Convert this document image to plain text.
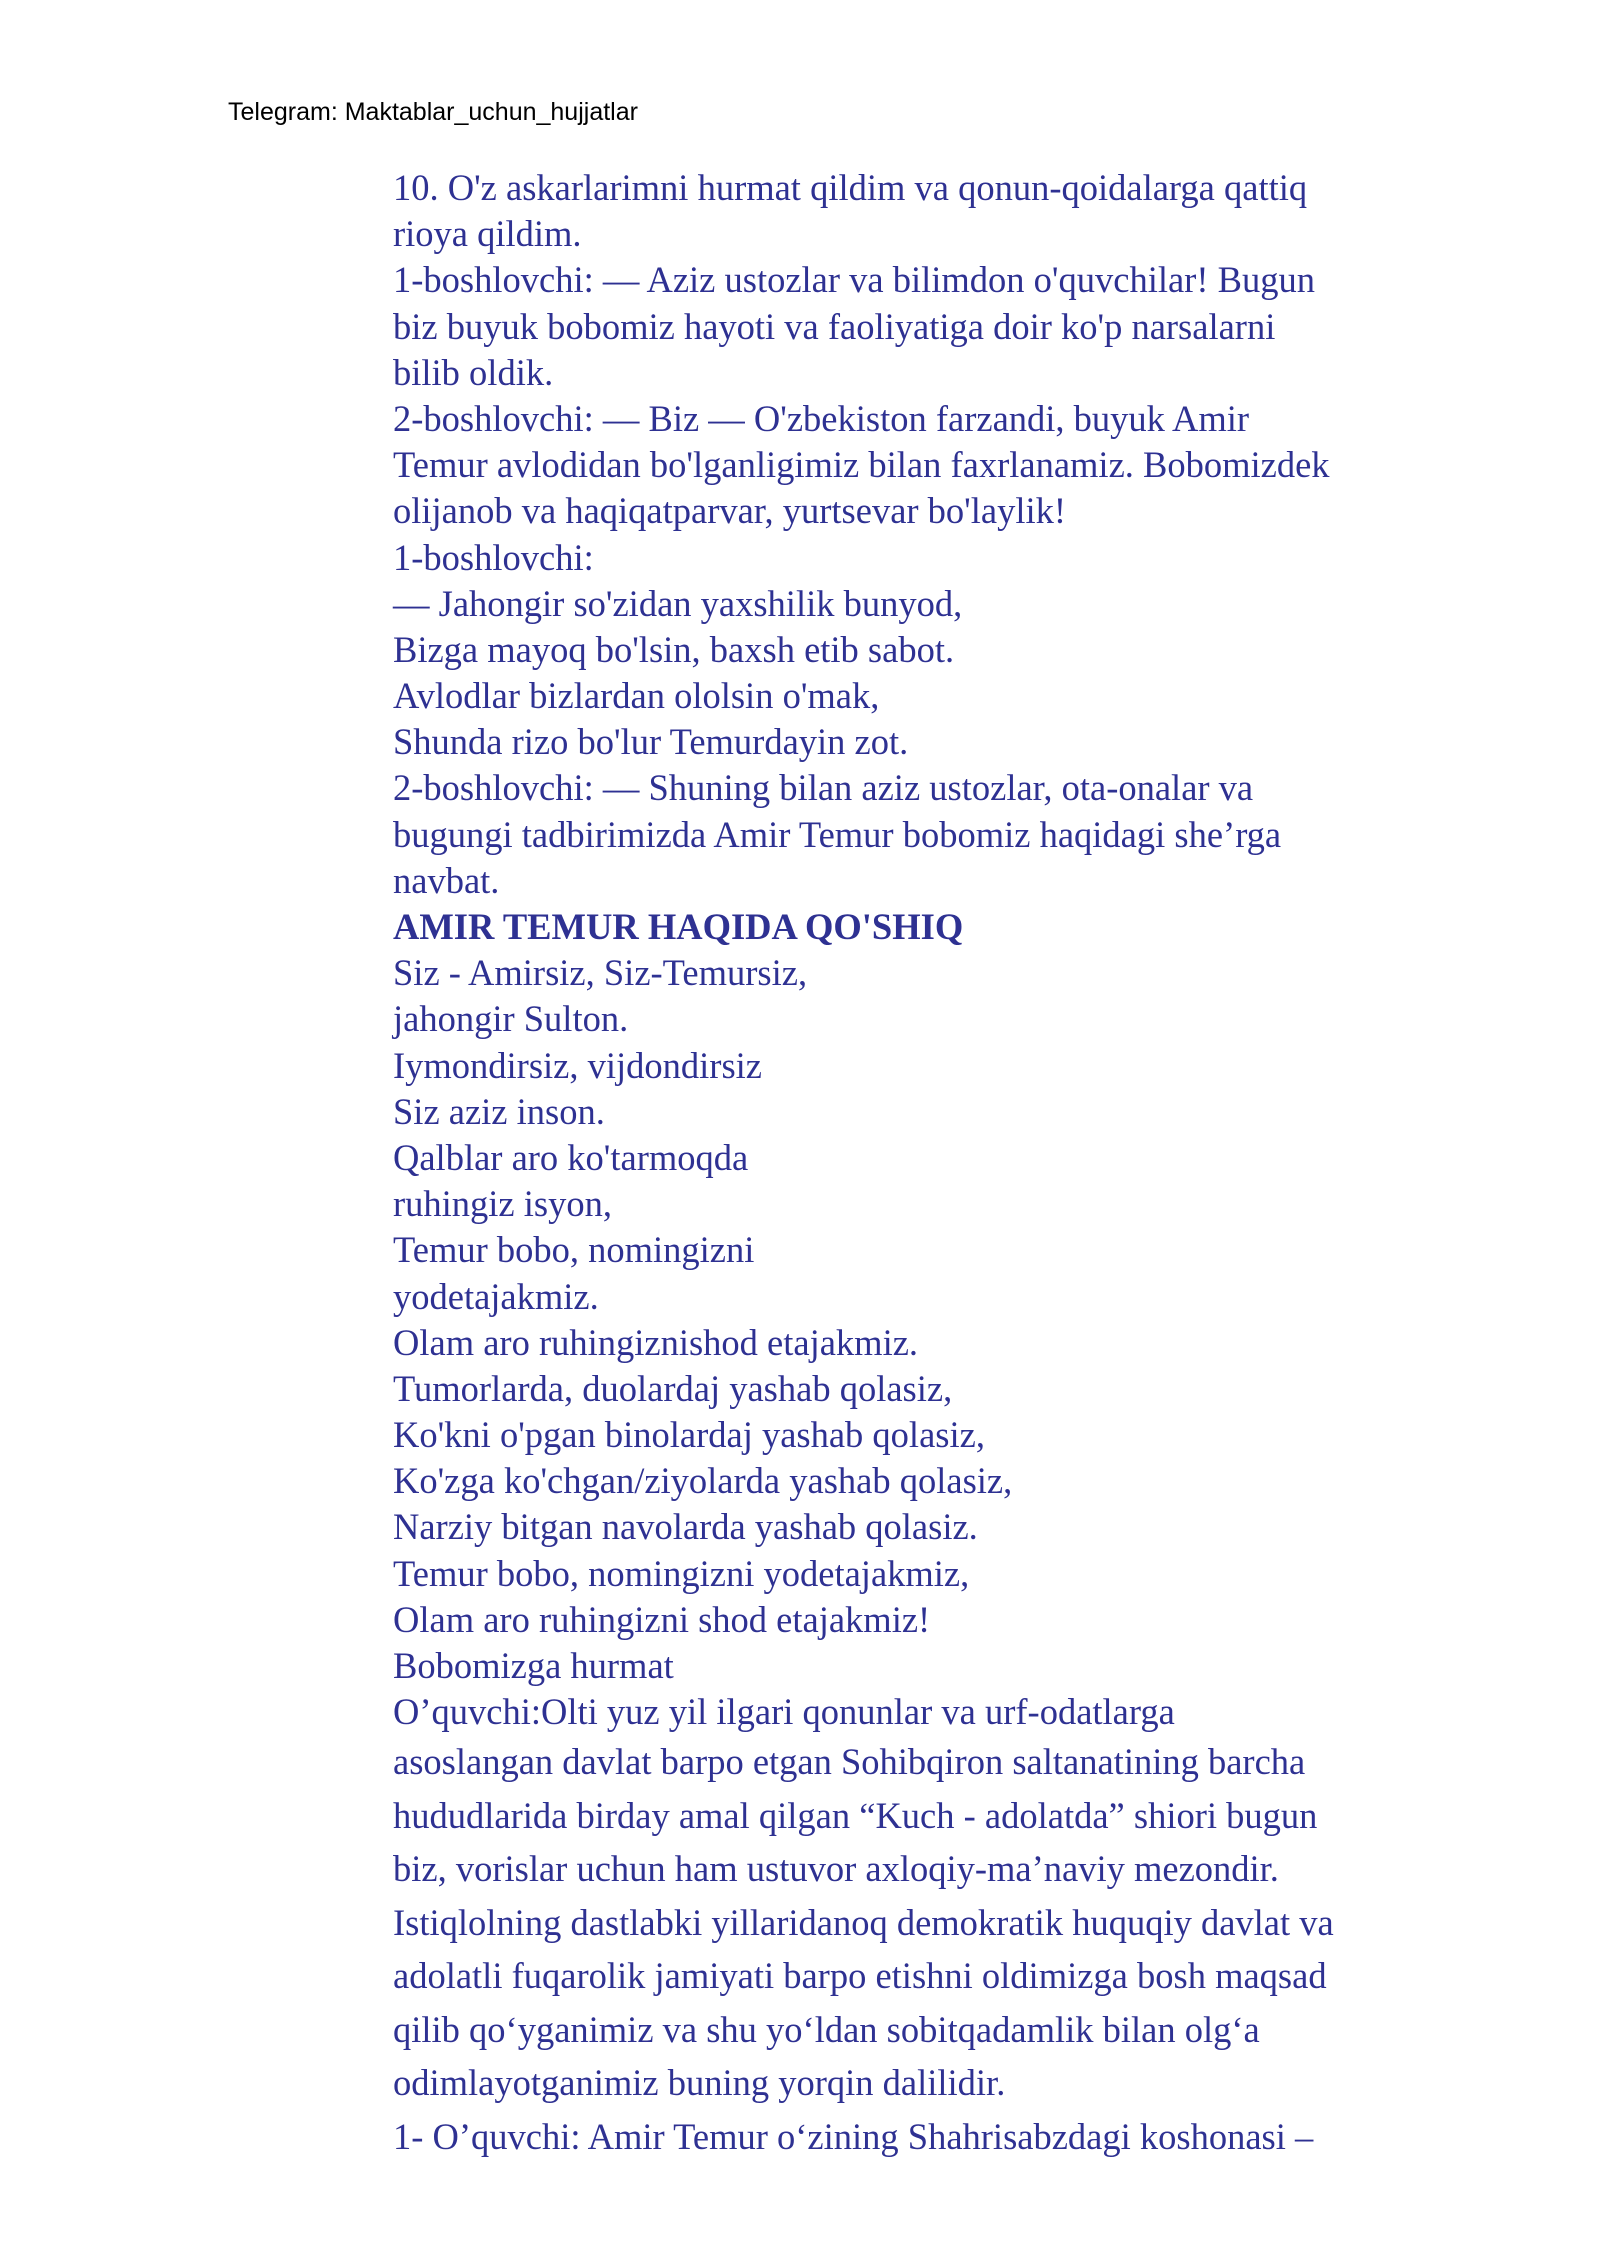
Telegram: Maktablar_uchun_hujjatlar
10. O'z askarlarimni hurmat qildim va qonun-qoidalarga qattiq
rioya qildim.
1-boshlovchi: — Aziz ustozlar va bilimdon o'quvchilar! Bugun
biz buyuk bobomiz hayoti va faoliyatiga doir ko'p narsalarni
bilib oldik.
2-boshlovchi: — Biz — O'zbekiston farzandi, buyuk Amir
Temur avlodidan bo'lganligimiz bilan faxrlanamiz. Bobomizdek
olijanob va haqiqatparvar, yurtsevar bo'laylik!
1-boshlovchi:
— Jahongir so'zidan yaxshilik bunyod,
Bizga mayoq bo'lsin, baxsh etib sabot.
Avlodlar bizlardan ololsin o'mak,
Shunda rizo bo'lur Temurdayin zot.
2-boshlovchi: — Shuning bilan aziz ustozlar, ota-onalar va
bugungi tadbirimizda Amir Temur bobomiz haqidagi she’rga
navbat.
AMIR TEMUR HAQIDA QO'SHIQ
Siz - Amirsiz, Siz-Temursiz,
jahongir Sulton.
Iymondirsiz, vijdondirsiz
Siz aziz inson.
Qalblar aro ko'tarmoqda
ruhingiz isyon,
Temur bobo, nomingizni
yodetajakmiz.
Olam aro ruhingiznishod etajakmiz.
Tumorlarda, duolardaj yashab qolasiz,
Ko'kni o'pgan binolardaj yashab qolasiz,
Ko'zga ko'chgan/ziyolarda yashab qolasiz,
Narziy bitgan navolarda yashab qolasiz.
Temur bobo, nomingizni yodetajakmiz,
Olam aro ruhingizni shod etajakmiz!
Bobomizga hurmat
O’quvchi:Olti yuz yil ilgari qonunlar va urf-odatlarga
asoslangan davlat barpo etgan Sohibqiron saltanatining barcha
hududlarida birday amal qilgan “Kuch - adolatda” shiori bugun
biz, vorislar uchun ham ustuvor axloqiy-ma’naviy mezondir.
Istiqlolning dastlabki yillaridanoq demokratik huquqiy davlat va
adolatli fuqarolik jamiyati barpo etishni oldimizga bosh maqsad
qilib qo‘yganimiz va shu yo‘ldan sobitqadamlik bilan olg‘a
odimlayotganimiz buning yorqin dalilidir.
1- O’quvchi: Amir Temur o‘zining Shahrisabzdagi koshonasi –
